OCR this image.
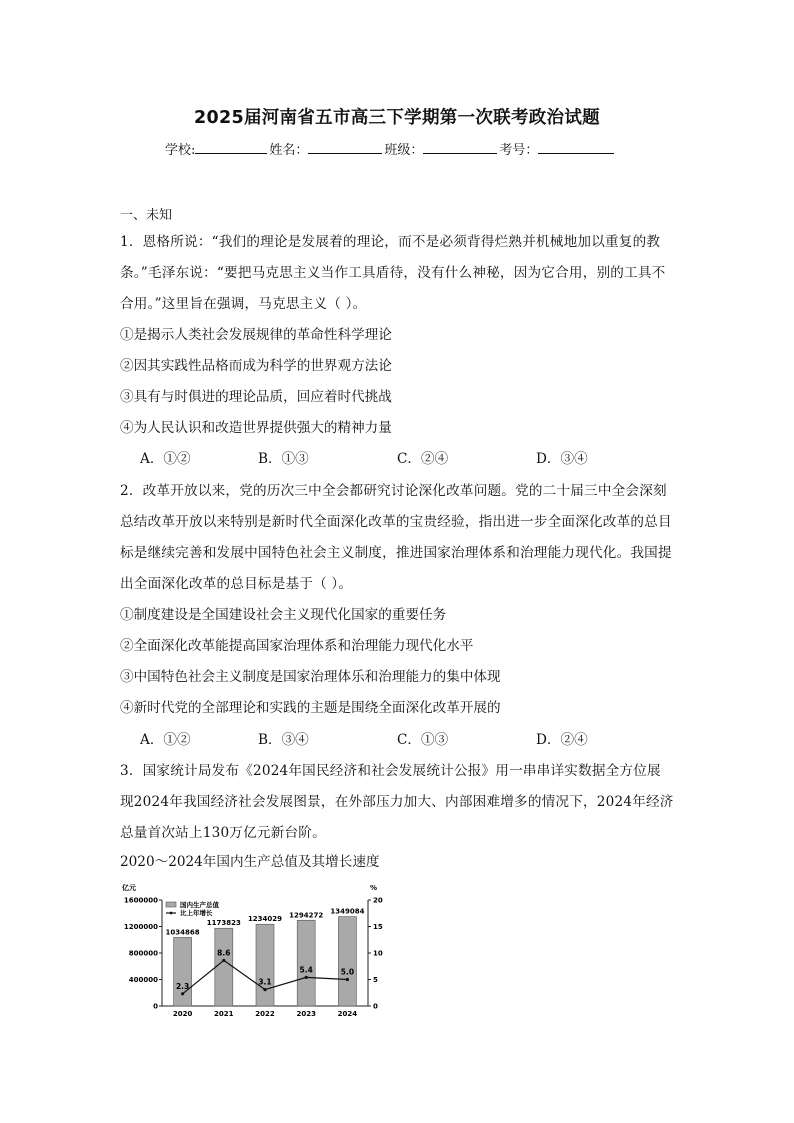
2025届河南省五市高三下学期第一次联考政治试题
学校:	姓名：	班级：	考号：
一、未知
1．恩格所说：“我们的理论是发展着的理论，而不是必须背得烂熟并机械地加以重复的教
条。”毛泽东说：“要把马克思主义当作工具盾待，没有什么神秘，因为它合用，别的工具不
合用。”这里旨在强调，马克思主义（ ）。
①是揭示人类社会发展规律的革命性科学理论
②因其实践性品格而成为科学的世界观方法论
③具有与时俱进的理论品质，回应着时代挑战
④为人民认识和改造世界提供强大的精神力量
A．①②	B．①③	C．②④	D．③④
2．改革开放以来，党的历次三中全会都研究讨论深化改革问题。党的二十届三中全会深刻
总结改革开放以来特别是新时代全面深化改革的宝贵经验，指出进一步全面深化改革的总目
标是继续完善和发展中国特色社会主义制度，推进国家治理体系和治理能力现代化。我国提
出全面深化改革的总目标是基于（ ）。
①制度建设是全国建设社会主义现代化国家的重要任务
②全面深化改革能提高国家治理体系和治理能力现代化水平
③中国特色社会主义制度是国家治理体乐和治理能力的集中体现
④新时代党的全部理论和实践的主题是围绕全面深化改革开展的
A．①②	B．③④	C．①③	D．②④
3．国家统计局发布《2024年国民经济和社会发展统计公报》用一串串详实数据全方位展
现2024年我国经济社会发展图景，在外部压力加大、内部困难增多的情况下，2024年经济
总量首次站上130万亿元新台阶。
2020～2024年国内生产总值及其增长速度
亿元	%
0
400000
800000
1200000
1600000
0
5
10
15
20
1034868
2020
1173823
2021
1234029
2022
1294272
2023
1349084
2024
2.3
8.6
3.1
5.4	5.0
国内生产总值
比上年增长
